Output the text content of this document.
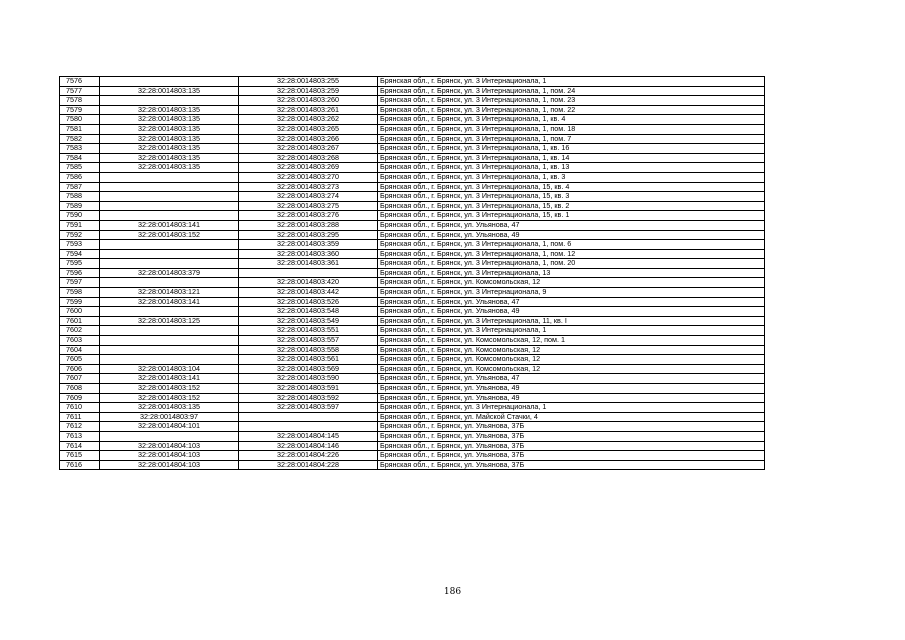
7576		32:28:0014803:255	Брянская обл., г. Брянск, ул. 3 Интернационала, 1
7577	32:28:0014803:135	32:28:0014803:259	Брянская обл., г. Брянск, ул. 3 Интернационала, 1, пом. 24
7578		32:28:0014803:260	Брянская обл., г. Брянск, ул. 3 Интернационала, 1, пом. 23
7579	32:28:0014803:135	32:28:0014803:261	Брянская обл., г. Брянск, ул. 3 Интернационала, 1, пом. 22
7580	32:28:0014803:135	32:28:0014803:262	Брянская обл., г. Брянск, ул. 3 Интернационала, 1, кв. 4
7581	32:28:0014803:135	32:28:0014803:265	Брянская обл., г. Брянск, ул. 3 Интернационала, 1, пом. 18
7582	32:28:0014803:135	32:28:0014803:266	Брянская обл., г. Брянск, ул. 3 Интернационала, 1, пом. 7
7583	32:28:0014803:135	32:28:0014803:267	Брянская обл., г. Брянск, ул. 3 Интернационала, 1, кв. 16
7584	32:28:0014803:135	32:28:0014803:268	Брянская обл., г. Брянск, ул. 3 Интернационала, 1, кв. 14
7585	32:28:0014803:135	32:28:0014803:269	Брянская обл., г. Брянск, ул. 3 Интернационала, 1, кв. 13
7586		32:28:0014803:270	Брянская обл., г. Брянск, ул. 3 Интернационала, 1, кв. 3
7587		32:28:0014803:273	Брянская обл., г. Брянск, ул. 3 Интернационала, 15, кв. 4
7588		32:28:0014803:274	Брянская обл., г. Брянск, ул. 3 Интернационала, 15, кв. 3
7589		32:28:0014803:275	Брянская обл., г. Брянск, ул. 3 Интернационала, 15, кв. 2
7590		32:28:0014803:276	Брянская обл., г. Брянск, ул. 3 Интернационала, 15, кв. 1
7591	32:28:0014803:141	32:28:0014803:288	Брянская обл., г. Брянск, ул. Ульянова, 47
7592	32:28:0014803:152	32:28:0014803:295	Брянская обл., г. Брянск, ул. Ульянова, 49
7593		32:28:0014803:359	Брянская обл., г. Брянск, ул. 3 Интернационала, 1, пом. 6
7594		32:28:0014803:360	Брянская обл., г. Брянск, ул. 3 Интернационала, 1, пом. 12
7595		32:28:0014803:361	Брянская обл., г. Брянск, ул. 3 Интернационала, 1, пом. 20
7596	32:28:0014803:379		Брянская обл., г. Брянск, ул. 3 Интернационала, 13
7597		32:28:0014803:420	Брянская обл., г. Брянск, ул. Комсомольская, 12
7598	32:28:0014803:121	32:28:0014803:442	Брянская обл., г. Брянск, ул. 3 Интернационала, 9
7599	32:28:0014803:141	32:28:0014803:526	Брянская обл., г. Брянск, ул. Ульянова, 47
7600		32:28:0014803:548	Брянская обл., г. Брянск, ул. Ульянова, 49
7601	32:28:0014803:125	32:28:0014803:549	Брянская обл., г. Брянск, ул. 3 Интернационала, 11, кв. I
7602		32:28:0014803:551	Брянская обл., г. Брянск, ул. 3 Интернационала, 1
7603		32:28:0014803:557	Брянская обл., г. Брянск, ул. Комсомольская, 12, пом. 1
7604		32:28:0014803:558	Брянская обл., г. Брянск, ул. Комсомольская, 12
7605		32:28:0014803:561	Брянская обл., г. Брянск, ул. Комсомольская, 12
7606	32:28:0014803:104	32:28:0014803:569	Брянская обл., г. Брянск, ул. Комсомольская, 12
7607	32:28:0014803:141	32:28:0014803:590	Брянская обл., г. Брянск, ул. Ульянова, 47
7608	32:28:0014803:152	32:28:0014803:591	Брянская обл., г. Брянск, ул. Ульянова, 49
7609	32:28:0014803:152	32:28:0014803:592	Брянская обл., г. Брянск, ул. Ульянова, 49
7610	32:28:0014803:135	32:28:0014803:597	Брянская обл., г. Брянск, ул. 3 Интернационала, 1
7611	32:28:0014803:97		Брянская обл., г. Брянск, ул. Майской Стачки, 4
7612	32:28:0014804:101		Брянская обл., г. Брянск, ул. Ульянова, 37Б
7613		32:28:0014804:145	Брянская обл., г. Брянск, ул. Ульянова, 37Б
7614	32:28:0014804:103	32:28:0014804:146	Брянская обл., г. Брянск, ул. Ульянова, 37Б
7615	32:28:0014804:103	32:28:0014804:226	Брянская обл., г. Брянск, ул. Ульянова, 37Б
7616	32:28:0014804:103	32:28:0014804:228	Брянская обл., г. Брянск, ул. Ульянова, 37Б
186
